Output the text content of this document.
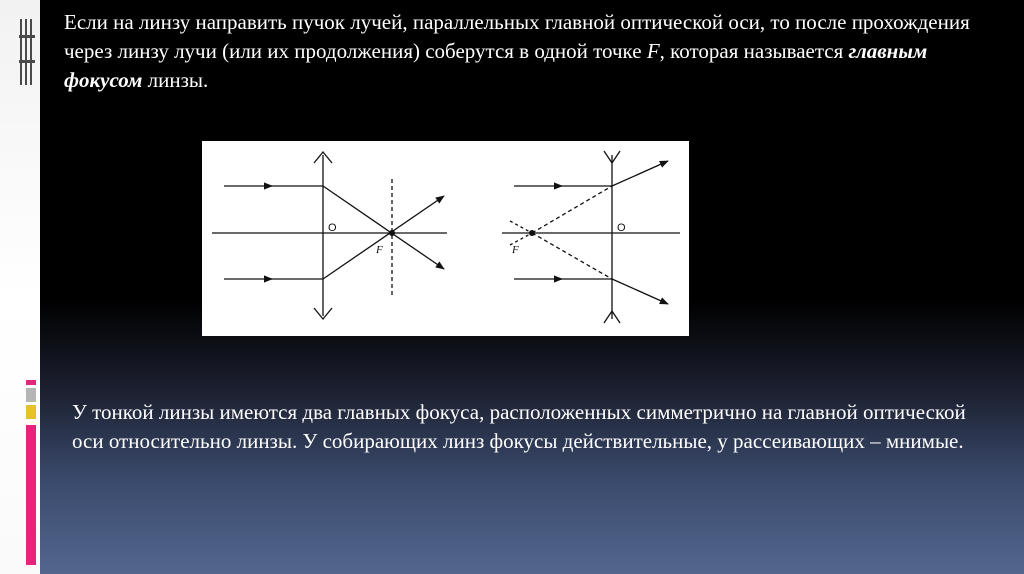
Если на линзу направить пучок лучей, параллельных главной оптической оси, то после прохождения через линзу лучи (или их продолжения) соберутся в одной точке F, которая называется главным фокусом линзы.
O
F
O
F
У тонкой линзы имеются два главных фокуса, расположенных симметрично на главной оптической оси относительно линзы. У собирающих линз фокусы действительные, у рассеивающих – мнимые.
